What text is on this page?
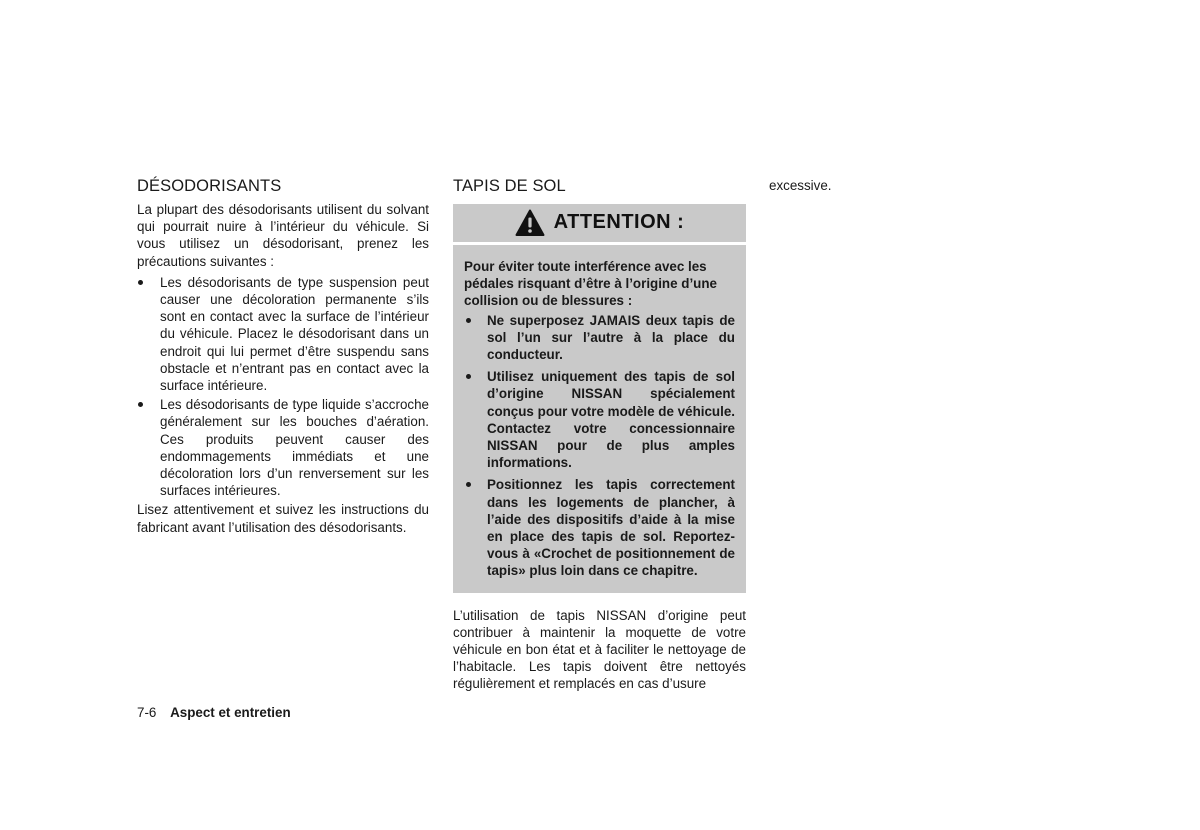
DÉSODORISANTS

La plupart des désodorisants utilisent du solvant qui pourrait nuire à l’intérieur du véhicule. Si vous utilisez un désodorisant, prenez les précautions suivantes :

Les désodorisants de type suspension peut causer une décoloration permanente s’ils sont en contact avec la surface de l’intérieur du véhicule. Placez le désodorisant dans un endroit qui lui permet d’être suspendu sans obstacle et n’entrant pas en contact avec la surface intérieure.
Les désodorisants de type liquide s’accroche généralement sur les bouches d’aération. Ces produits peuvent causer des endommagements immédiats et une décoloration lors d’un renversement sur les surfaces intérieures.

Lisez attentivement et suivez les instructions du fabricant avant l’utilisation des désodorisants.

TAPIS DE SOL
ATTENTION :

Pour éviter toute interférence avec les pédales risquant d’être à l’origine d’une collision ou de blessures :

Ne superposez JAMAIS deux tapis de sol l’un sur l’autre à la place du conducteur.
Utilisez uniquement des tapis de sol d’origine NISSAN spécialement conçus pour votre modèle de véhicule. Contactez votre concessionnaire NISSAN pour de plus amples informations.
Positionnez les tapis correctement dans les logements de plancher, à l’aide des dispositifs d’aide à la mise en place des tapis de sol. Reportez-vous à «Crochet de positionnement de tapis» plus loin dans ce chapitre.

L’utilisation de tapis NISSAN d’origine peut contribuer à maintenir la moquette de votre véhicule en bon état et à faciliter le nettoyage de l’habitacle. Les tapis doivent être nettoyés régulièrement et remplacés en cas d’usure

excessive.

7-6 Aspect et entretien
